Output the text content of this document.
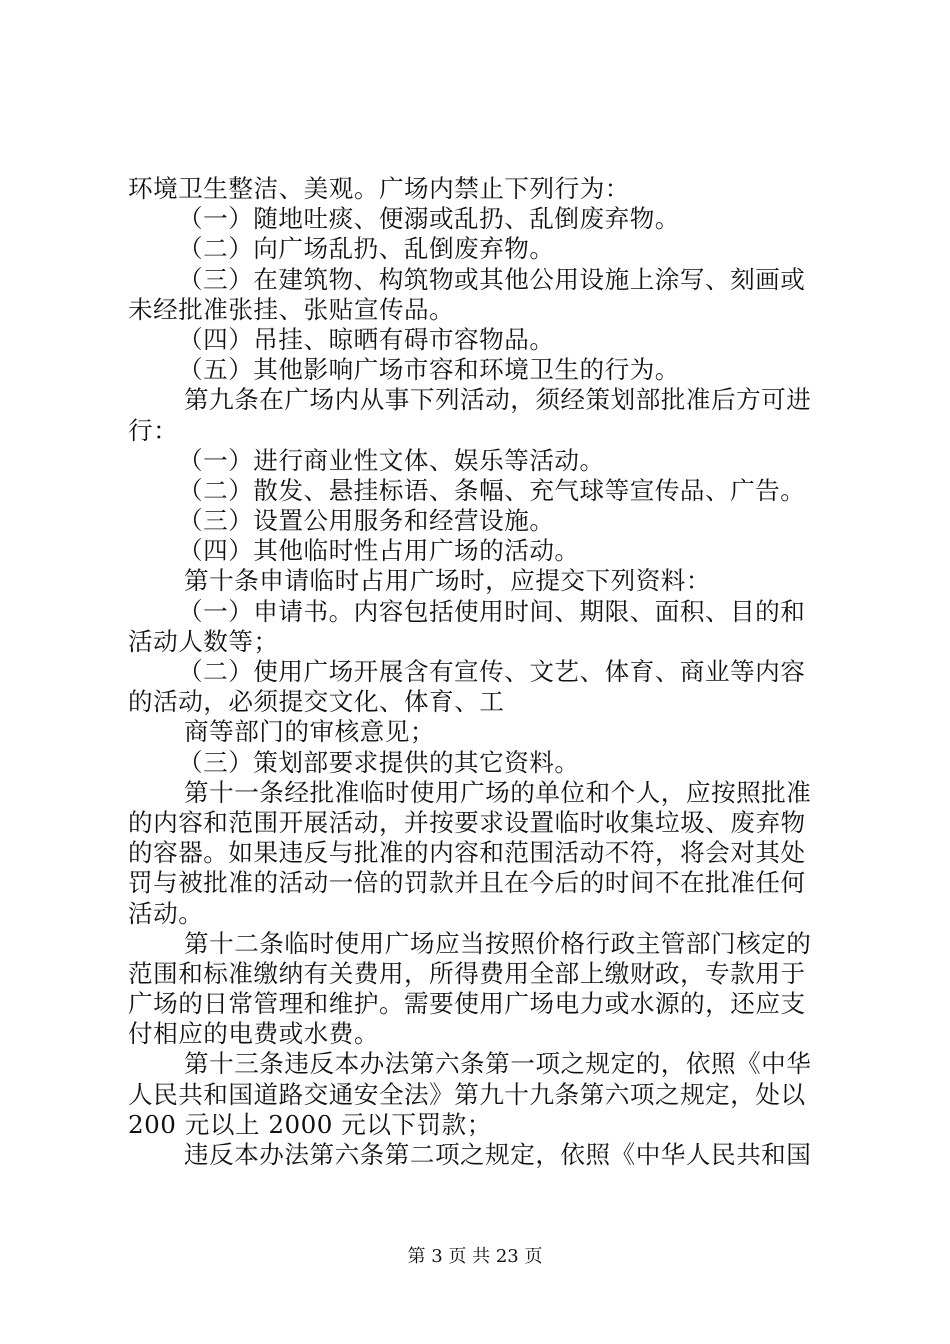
环境卫生整洁、美观。广场内禁止下列行为：
（一）随地吐痰、便溺或乱扔、乱倒废弃物。
（二）向广场乱扔、乱倒废弃物。
（三）在建筑物、构筑物或其他公用设施上涂写、刻画或
未经批准张挂、张贴宣传品。
（四）吊挂、晾晒有碍市容物品。
（五）其他影响广场市容和环境卫生的行为。
第九条在广场内从事下列活动，须经策划部批准后方可进
行：
（一）进行商业性文体、娱乐等活动。
（二）散发、悬挂标语、条幅、充气球等宣传品、广告。
（三）设置公用服务和经营设施。
（四）其他临时性占用广场的活动。
第十条申请临时占用广场时，应提交下列资料：
（一）申请书。内容包括使用时间、期限、面积、目的和
活动人数等；
（二）使用广场开展含有宣传、文艺、体育、商业等内容
的活动，必须提交文化、体育、工
商等部门的审核意见；
（三）策划部要求提供的其它资料。
第十一条经批准临时使用广场的单位和个人，应按照批准
的内容和范围开展活动，并按要求设置临时收集垃圾、废弃物
的容器。如果违反与批准的内容和范围活动不符，将会对其处
罚与被批准的活动一倍的罚款并且在今后的时间不在批准任何
活动。
第十二条临时使用广场应当按照价格行政主管部门核定的
范围和标准缴纳有关费用，所得费用全部上缴财政，专款用于
广场的日常管理和维护。需要使用广场电力或水源的，还应支
付相应的电费或水费。
第十三条违反本办法第六条第一项之规定的，依照《中华
人民共和国道路交通安全法》第九十九条第六项之规定，处以
200 元以上 2000 元以下罚款；
违反本办法第六条第二项之规定，依照《中华人民共和国
第 3 页 共 23 页
